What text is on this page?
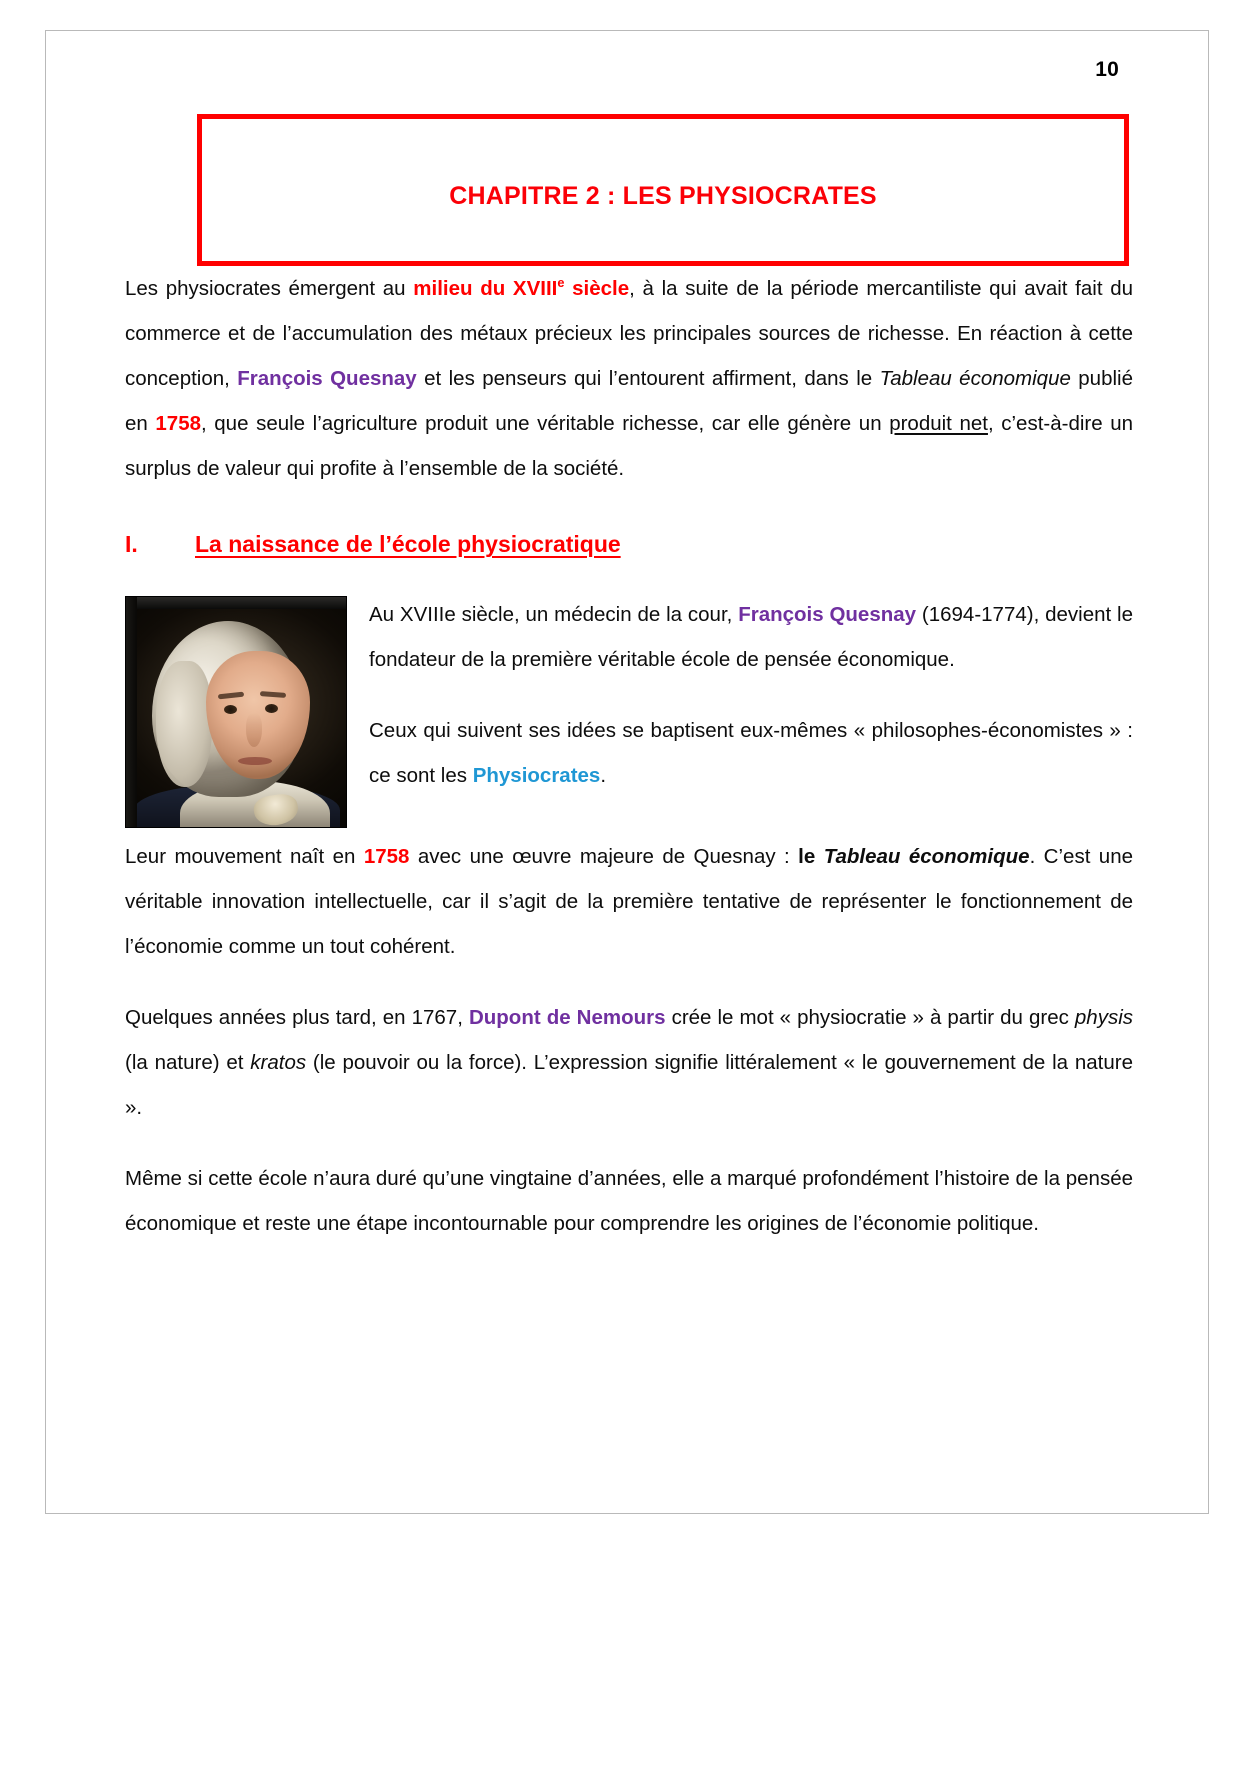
10
CHAPITRE 2 : LES PHYSIOCRATES

Les physiocrates émergent au milieu du XVIIIe siècle, à la suite de la période mercantiliste qui avait fait du commerce et de l’accumulation des métaux précieux les principales sources de richesse. En réaction à cette conception, François Quesnay et les penseurs qui l’entourent affirment, dans le Tableau économique publié en 1758, que seule l’agriculture produit une véritable richesse, car elle génère un produit net, c’est-à-dire un surplus de valeur qui profite à l’ensemble de la société.

I.	La naissance de l’école physiocratique

Au XVIIIe siècle, un médecin de la cour, François Quesnay (1694-1774), devient le fondateur de la première véritable école de pensée économique.

Ceux qui suivent ses idées se baptisent eux-mêmes « philosophes-économistes » : ce sont les Physiocrates.

Leur mouvement naît en 1758 avec une œuvre majeure de Quesnay : le Tableau économique. C’est une véritable innovation intellectuelle, car il s’agit de la première tentative de représenter le fonctionnement de l’économie comme un tout cohérent.

Quelques années plus tard, en 1767, Dupont de Nemours crée le mot « physiocratie » à partir du grec physis (la nature) et kratos (le pouvoir ou la force). L’expression signifie littéralement « le gouvernement de la nature ».

Même si cette école n’aura duré qu’une vingtaine d’années, elle a marqué profondément l’histoire de la pensée économique et reste une étape incontournable pour comprendre les origines de l’économie politique.
